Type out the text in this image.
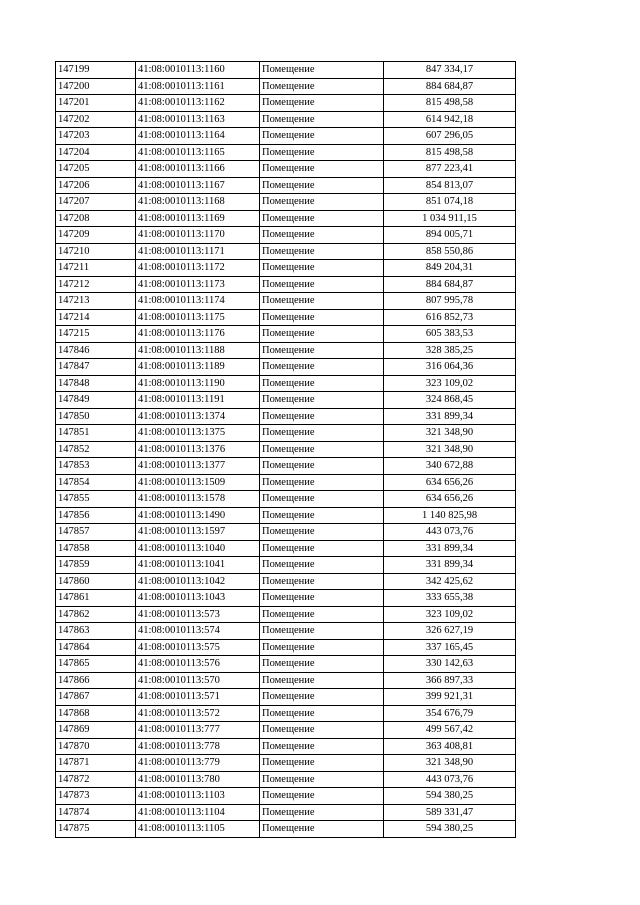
147199	41:08:0010113:1160	Помещение	847 334,17
147200	41:08:0010113:1161	Помещение	884 684,87
147201	41:08:0010113:1162	Помещение	815 498,58
147202	41:08:0010113:1163	Помещение	614 942,18
147203	41:08:0010113:1164	Помещение	607 296,05
147204	41:08:0010113:1165	Помещение	815 498,58
147205	41:08:0010113:1166	Помещение	877 223,41
147206	41:08:0010113:1167	Помещение	854 813,07
147207	41:08:0010113:1168	Помещение	851 074,18
147208	41:08:0010113:1169	Помещение	1 034 911,15
147209	41:08:0010113:1170	Помещение	894 005,71
147210	41:08:0010113:1171	Помещение	858 550,86
147211	41:08:0010113:1172	Помещение	849 204,31
147212	41:08:0010113:1173	Помещение	884 684,87
147213	41:08:0010113:1174	Помещение	807 995,78
147214	41:08:0010113:1175	Помещение	616 852,73
147215	41:08:0010113:1176	Помещение	605 383,53
147846	41:08:0010113:1188	Помещение	328 385,25
147847	41:08:0010113:1189	Помещение	316 064,36
147848	41:08:0010113:1190	Помещение	323 109,02
147849	41:08:0010113:1191	Помещение	324 868,45
147850	41:08:0010113:1374	Помещение	331 899,34
147851	41:08:0010113:1375	Помещение	321 348,90
147852	41:08:0010113:1376	Помещение	321 348,90
147853	41:08:0010113:1377	Помещение	340 672,88
147854	41:08:0010113:1509	Помещение	634 656,26
147855	41:08:0010113:1578	Помещение	634 656,26
147856	41:08:0010113:1490	Помещение	1 140 825,98
147857	41:08:0010113:1597	Помещение	443 073,76
147858	41:08:0010113:1040	Помещение	331 899,34
147859	41:08:0010113:1041	Помещение	331 899,34
147860	41:08:0010113:1042	Помещение	342 425,62
147861	41:08:0010113:1043	Помещение	333 655,38
147862	41:08:0010113:573	Помещение	323 109,02
147863	41:08:0010113:574	Помещение	326 627,19
147864	41:08:0010113:575	Помещение	337 165,45
147865	41:08:0010113:576	Помещение	330 142,63
147866	41:08:0010113:570	Помещение	366 897,33
147867	41:08:0010113:571	Помещение	399 921,31
147868	41:08:0010113:572	Помещение	354 676,79
147869	41:08:0010113:777	Помещение	499 567,42
147870	41:08:0010113:778	Помещение	363 408,81
147871	41:08:0010113:779	Помещение	321 348,90
147872	41:08:0010113:780	Помещение	443 073,76
147873	41:08:0010113:1103	Помещение	594 380,25
147874	41:08:0010113:1104	Помещение	589 331,47
147875	41:08:0010113:1105	Помещение	594 380,25
